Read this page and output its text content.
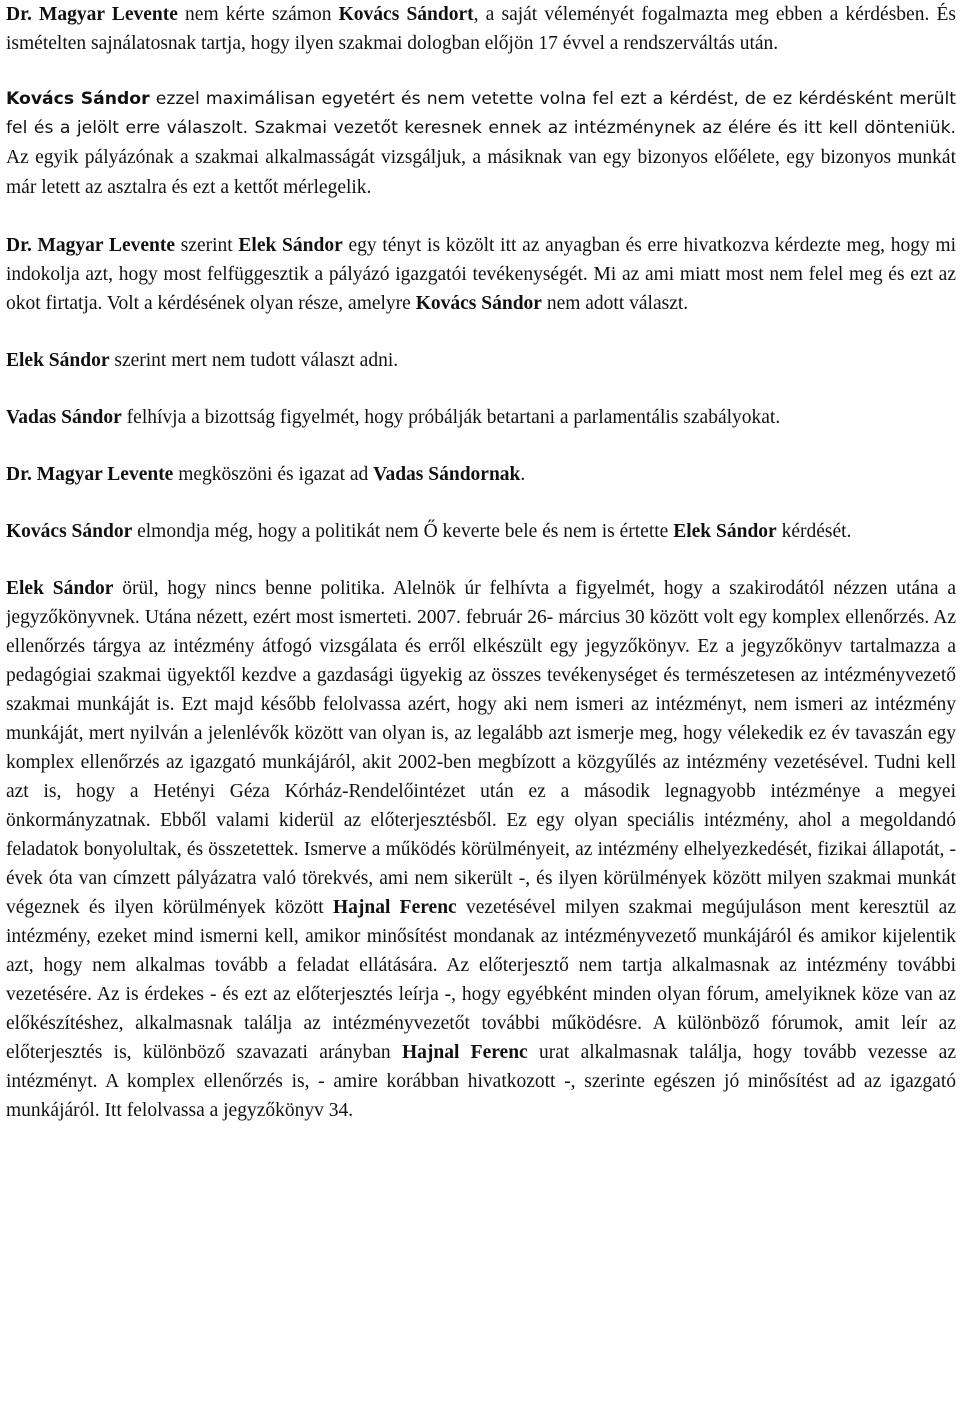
Dr. Magyar Levente nem kérte számon Kovács Sándort, a saját véleményét fogalmazta meg ebben a kérdésben. És ismételten sajnálatosnak tartja, hogy ilyen szakmai dologban előjön 17 évvel a rendszerváltás után.

Kovács Sándor ezzel maximálisan egyetért és nem vetette volna fel ezt a kérdést, de ez kérdésként merült fel és a jelölt erre válaszolt. Szakmai vezetőt keresnek ennek az intézménynek az élére és itt kell dönteniük. Az egyik pályázónak a szakmai alkalmasságát vizsgáljuk, a másiknak van egy bizonyos előélete, egy bizonyos munkát már letett az asztalra és ezt a kettőt mérlegelik.

Dr. Magyar Levente szerint Elek Sándor egy tényt is közölt itt az anyagban és erre hivatkozva kérdezte meg, hogy mi indokolja azt, hogy most felfüggesztik a pályázó igazgatói tevékenységét. Mi az ami miatt most nem felel meg és ezt az okot firtatja. Volt a kérdésének olyan része, amelyre Kovács Sándor nem adott választ.

Elek Sándor szerint mert nem tudott választ adni.

Vadas Sándor felhívja a bizottság figyelmét, hogy próbálják betartani a parlamentális szabályokat.

Dr. Magyar Levente megköszöni és igazat ad Vadas Sándornak.

Kovács Sándor elmondja még, hogy a politikát nem Ő keverte bele és nem is értette Elek Sándor kérdését.

Elek Sándor örül, hogy nincs benne politika. Alelnök úr felhívta a figyelmét, hogy a szakirodától nézzen utána a jegyzőkönyvnek. Utána nézett, ezért most ismerteti. 2007. február 26- március 30 között volt egy komplex ellenőrzés. Az ellenőrzés tárgya az intézmény átfogó vizsgálata és erről elkészült egy jegyzőkönyv. Ez a jegyzőkönyv tartalmazza a pedagógiai szakmai ügyektől kezdve a gazdasági ügyekig az összes tevékenységet és természetesen az intézményvezető szakmai munkáját is. Ezt majd később felolvassa azért, hogy aki nem ismeri az intézményt, nem ismeri az intézmény munkáját, mert nyilván a jelenlévők között van olyan is, az legalább azt ismerje meg, hogy vélekedik ez év tavaszán egy komplex ellenőrzés az igazgató munkájáról, akit 2002-ben megbízott a közgyűlés az intézmény vezetésével. Tudni kell azt is, hogy a Hetényi Géza Kórház-Rendelőintézet után ez a második legnagyobb intézménye a megyei önkormányzatnak. Ebből valami kiderül az előterjesztésből. Ez egy olyan speciális intézmény, ahol a megoldandó feladatok bonyolultak, és összetettek. Ismerve a működés körülményeit, az intézmény elhelyezkedését, fizikai állapotát, - évek óta van címzett pályázatra való törekvés, ami nem sikerült -, és ilyen körülmények között milyen szakmai munkát végeznek és ilyen körülmények között Hajnal Ferenc vezetésével milyen szakmai megújuláson ment keresztül az intézmény, ezeket mind ismerni kell, amikor minősítést mondanak az intézményvezető munkájáról és amikor kijelentik azt, hogy nem alkalmas tovább a feladat ellátására. Az előterjesztő nem tartja alkalmasnak az intézmény további vezetésére. Az is érdekes - és ezt az előterjesztés leírja -, hogy egyébként minden olyan fórum, amelyiknek köze van az előkészítéshez, alkalmasnak találja az intézményvezetőt további működésre. A különböző fórumok, amit leír az előterjesztés is, különböző szavazati arányban Hajnal Ferenc urat alkalmasnak találja, hogy tovább vezesse az intézményt. A komplex ellenőrzés is, - amire korábban hivatkozott -, szerinte egészen jó minősítést ad az igazgató munkájáról. Itt felolvassa a jegyzőkönyv 34.
